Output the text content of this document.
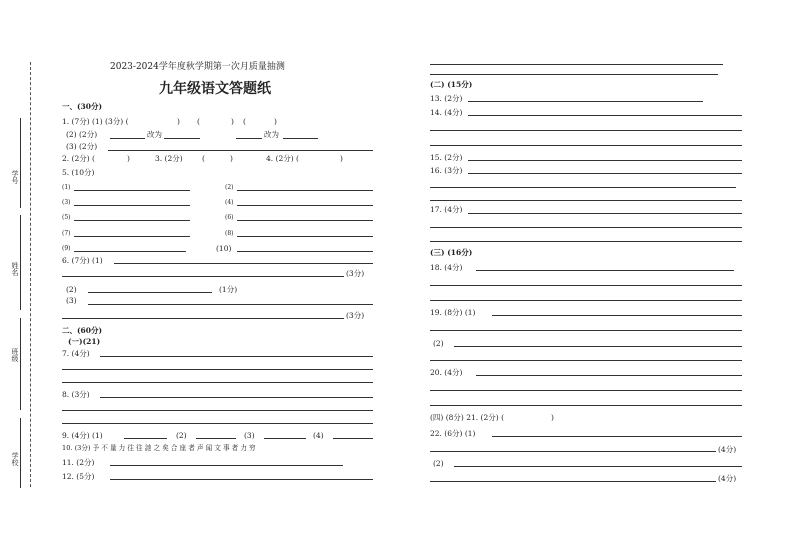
学号
姓名
班级
学校
2023-2024学年度秋学期第一次月质量抽测
九年级语文答题纸
一、(30分)
1. (7分) (1) (3分) (	) (	) (	)
(2) (2分)	改为	改为
(3) (2分)
2. (2分) (	)	3. (2分)	(	)	4. (2分) (	)
5. (10分)
(1)	(2)
(3)	(4)
(5)	(6)
(7)	(8)
(9)	(10)
6. (7分) (1)
(3分)
(2)	(1分)
(3)
(3分)
二、(60分)
(一)(21)
7. (4分)
8. (3分)
9. (4分) (1)	(2)	(3)	(4)
10. (3分) 予 不 量 力 往 往 訑 之 矣 合 座 者 声 闻 文 事 者 力 穷
11. (2分)
12. (5分)
(二) (15分)
13. (2分)
14. (4分)
15. (2分)
16. (3分)
17. (4分)
(三) (16分)
18. (4分)
19. (8分) (1)
(2)
20. (4分)
(四) (8分) 21. (2分) (	)
22. (6分) (1)
(4分)
(2)
(4分)
